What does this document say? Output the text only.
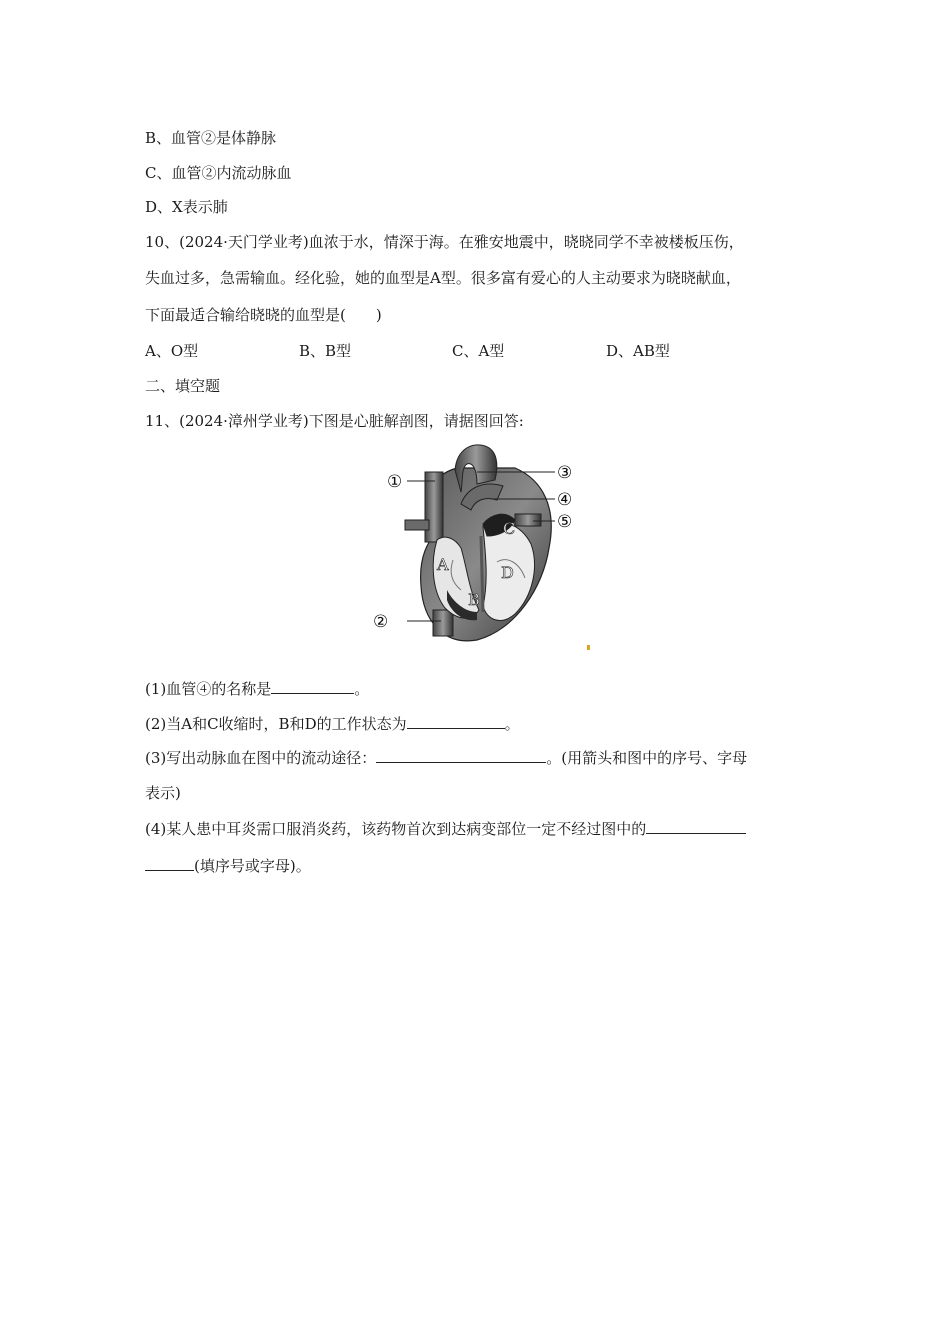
B、血管②是体静脉
C、血管②内流动脉血
D、X表示肺
10、(2024·天门学业考)血浓于水，情深于海。在雅安地震中，晓晓同学不幸被楼板压伤，
失血过多，急需输血。经化验，她的血型是A型。很多富有爱心的人主动要求为晓晓献血，
下面最适合输给晓晓的血型是(　　)
A、O型	B、B型	C、A型	D、AB型
二、填空题
11、(2024·漳州学业考)下图是心脏解剖图，请据图回答:
①
②
③
④
⑤
A
B
C
D
(1)血管④的名称是	。
(2)当A和C收缩时，B和D的工作状态为	。
(3)写出动脉血在图中的流动途径：	。(用箭头和图中的序号、字母
表示)
(4)某人患中耳炎需口服消炎药，该药物首次到达病变部位一定不经过图中的
(填序号或字母)。
